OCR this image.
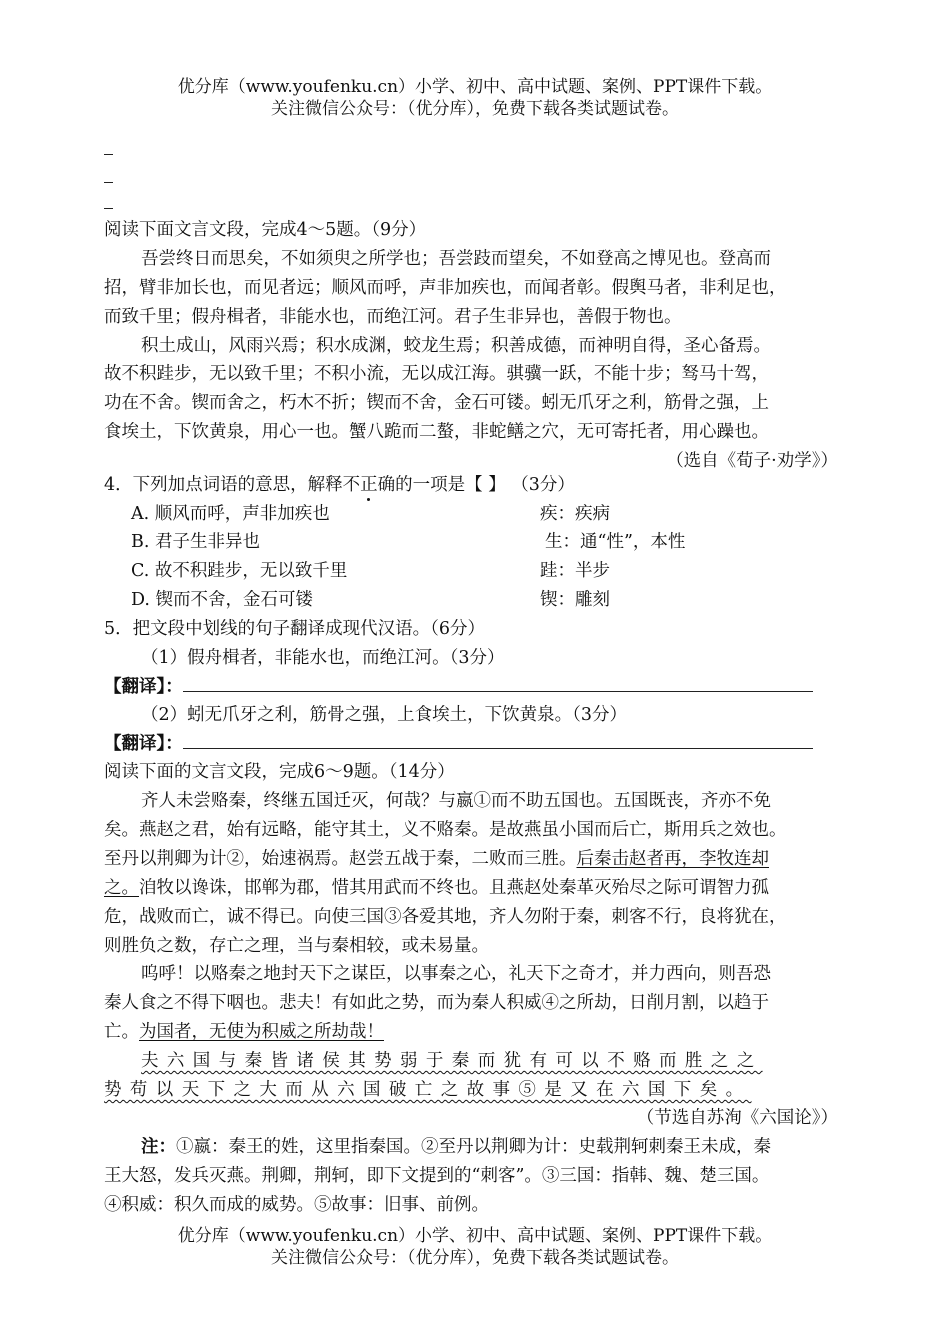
优分库（www.youfenku.cn）小学、初中、高中试题、案例、PPT课件下载。
关注微信公众号：（优分库），免费下载各类试题试卷。
阅读下面文言文段，完成4～5题。（9分）
吾尝终日而思矣，不如须臾之所学也；吾尝跂而望矣，不如登高之博见也。登高而
招，臂非加长也，而见者远；顺风而呼，声非加疾也，而闻者彰。假舆马者，非利足也，
而致千里；假舟楫者，非能水也，而绝江河。君子生非异也，善假于物也。
积土成山，风雨兴焉；积水成渊，蛟龙生焉；积善成德，而神明自得，圣心备焉。
故不积跬步，无以致千里；不积小流，无以成江海。骐骥一跃，不能十步；驽马十驾，
功在不舍。锲而舍之，朽木不折；锲而不舍，金石可镂。蚓无爪牙之利，筋骨之强，上
食埃土，下饮黄泉，用心一也。蟹八跪而二螯，非蛇鳝之穴，无可寄托者，用心躁也。
（选自《荀子·劝学》）
4．下列加点词语的意思，解释不正确的一项是【 】 （3分）
A. 顺风而呼，声非加疾也	疾：疾病
B. 君子生非异也	生：通“性”，本性
C. 故不积跬步，无以致千里	跬：半步
D. 锲而不舍，金石可镂	锲：雕刻
5．把文段中划线的句子翻译成现代汉语。（6分）
（1）假舟楫者，非能水也，而绝江河。（3分）
【翻译】：
（2）蚓无爪牙之利，筋骨之强，上食埃土，下饮黄泉。（3分）
【翻译】：
阅读下面的文言文段，完成6～9题。（14分）
齐人未尝赂秦，终继五国迁灭，何哉？与嬴①而不助五国也。五国既丧，齐亦不免
矣。燕赵之君，始有远略，能守其土，义不赂秦。是故燕虽小国而后亡，斯用兵之效也。
至丹以荆卿为计②，始速祸焉。赵尝五战于秦，二败而三胜。后秦击赵者再，李牧连却
之。洎牧以谗诛，邯郸为郡，惜其用武而不终也。且燕赵处秦革灭殆尽之际可谓智力孤
危，战败而亡，诚不得已。向使三国③各爱其地，齐人勿附于秦，刺客不行，良将犹在，
则胜负之数，存亡之理，当与秦相较，或未易量。
呜呼！以赂秦之地封天下之谋臣，以事秦之心，礼天下之奇才，并力西向，则吾恐
秦人食之不得下咽也。悲夫！有如此之势，而为秦人积威④之所劫，日削月割，以趋于
亡。为国者，无使为积威之所劫哉！
夫六国与秦皆诸侯其势弱于秦而犹有可以不赂而胜之之
势苟以天下之大而从六国破亡之故事⑤是又在六国下矣。
（节选自苏洵《六国论》）
注：①嬴：秦王的姓，这里指秦国。②至丹以荆卿为计：史载荆轲刺秦王未成，秦
王大怒，发兵灭燕。荆卿，荆轲，即下文提到的“刺客”。③三国：指韩、魏、楚三国。
④积威：积久而成的威势。⑤故事：旧事、前例。
优分库（www.youfenku.cn）小学、初中、高中试题、案例、PPT课件下载。
关注微信公众号：（优分库），免费下载各类试题试卷。
